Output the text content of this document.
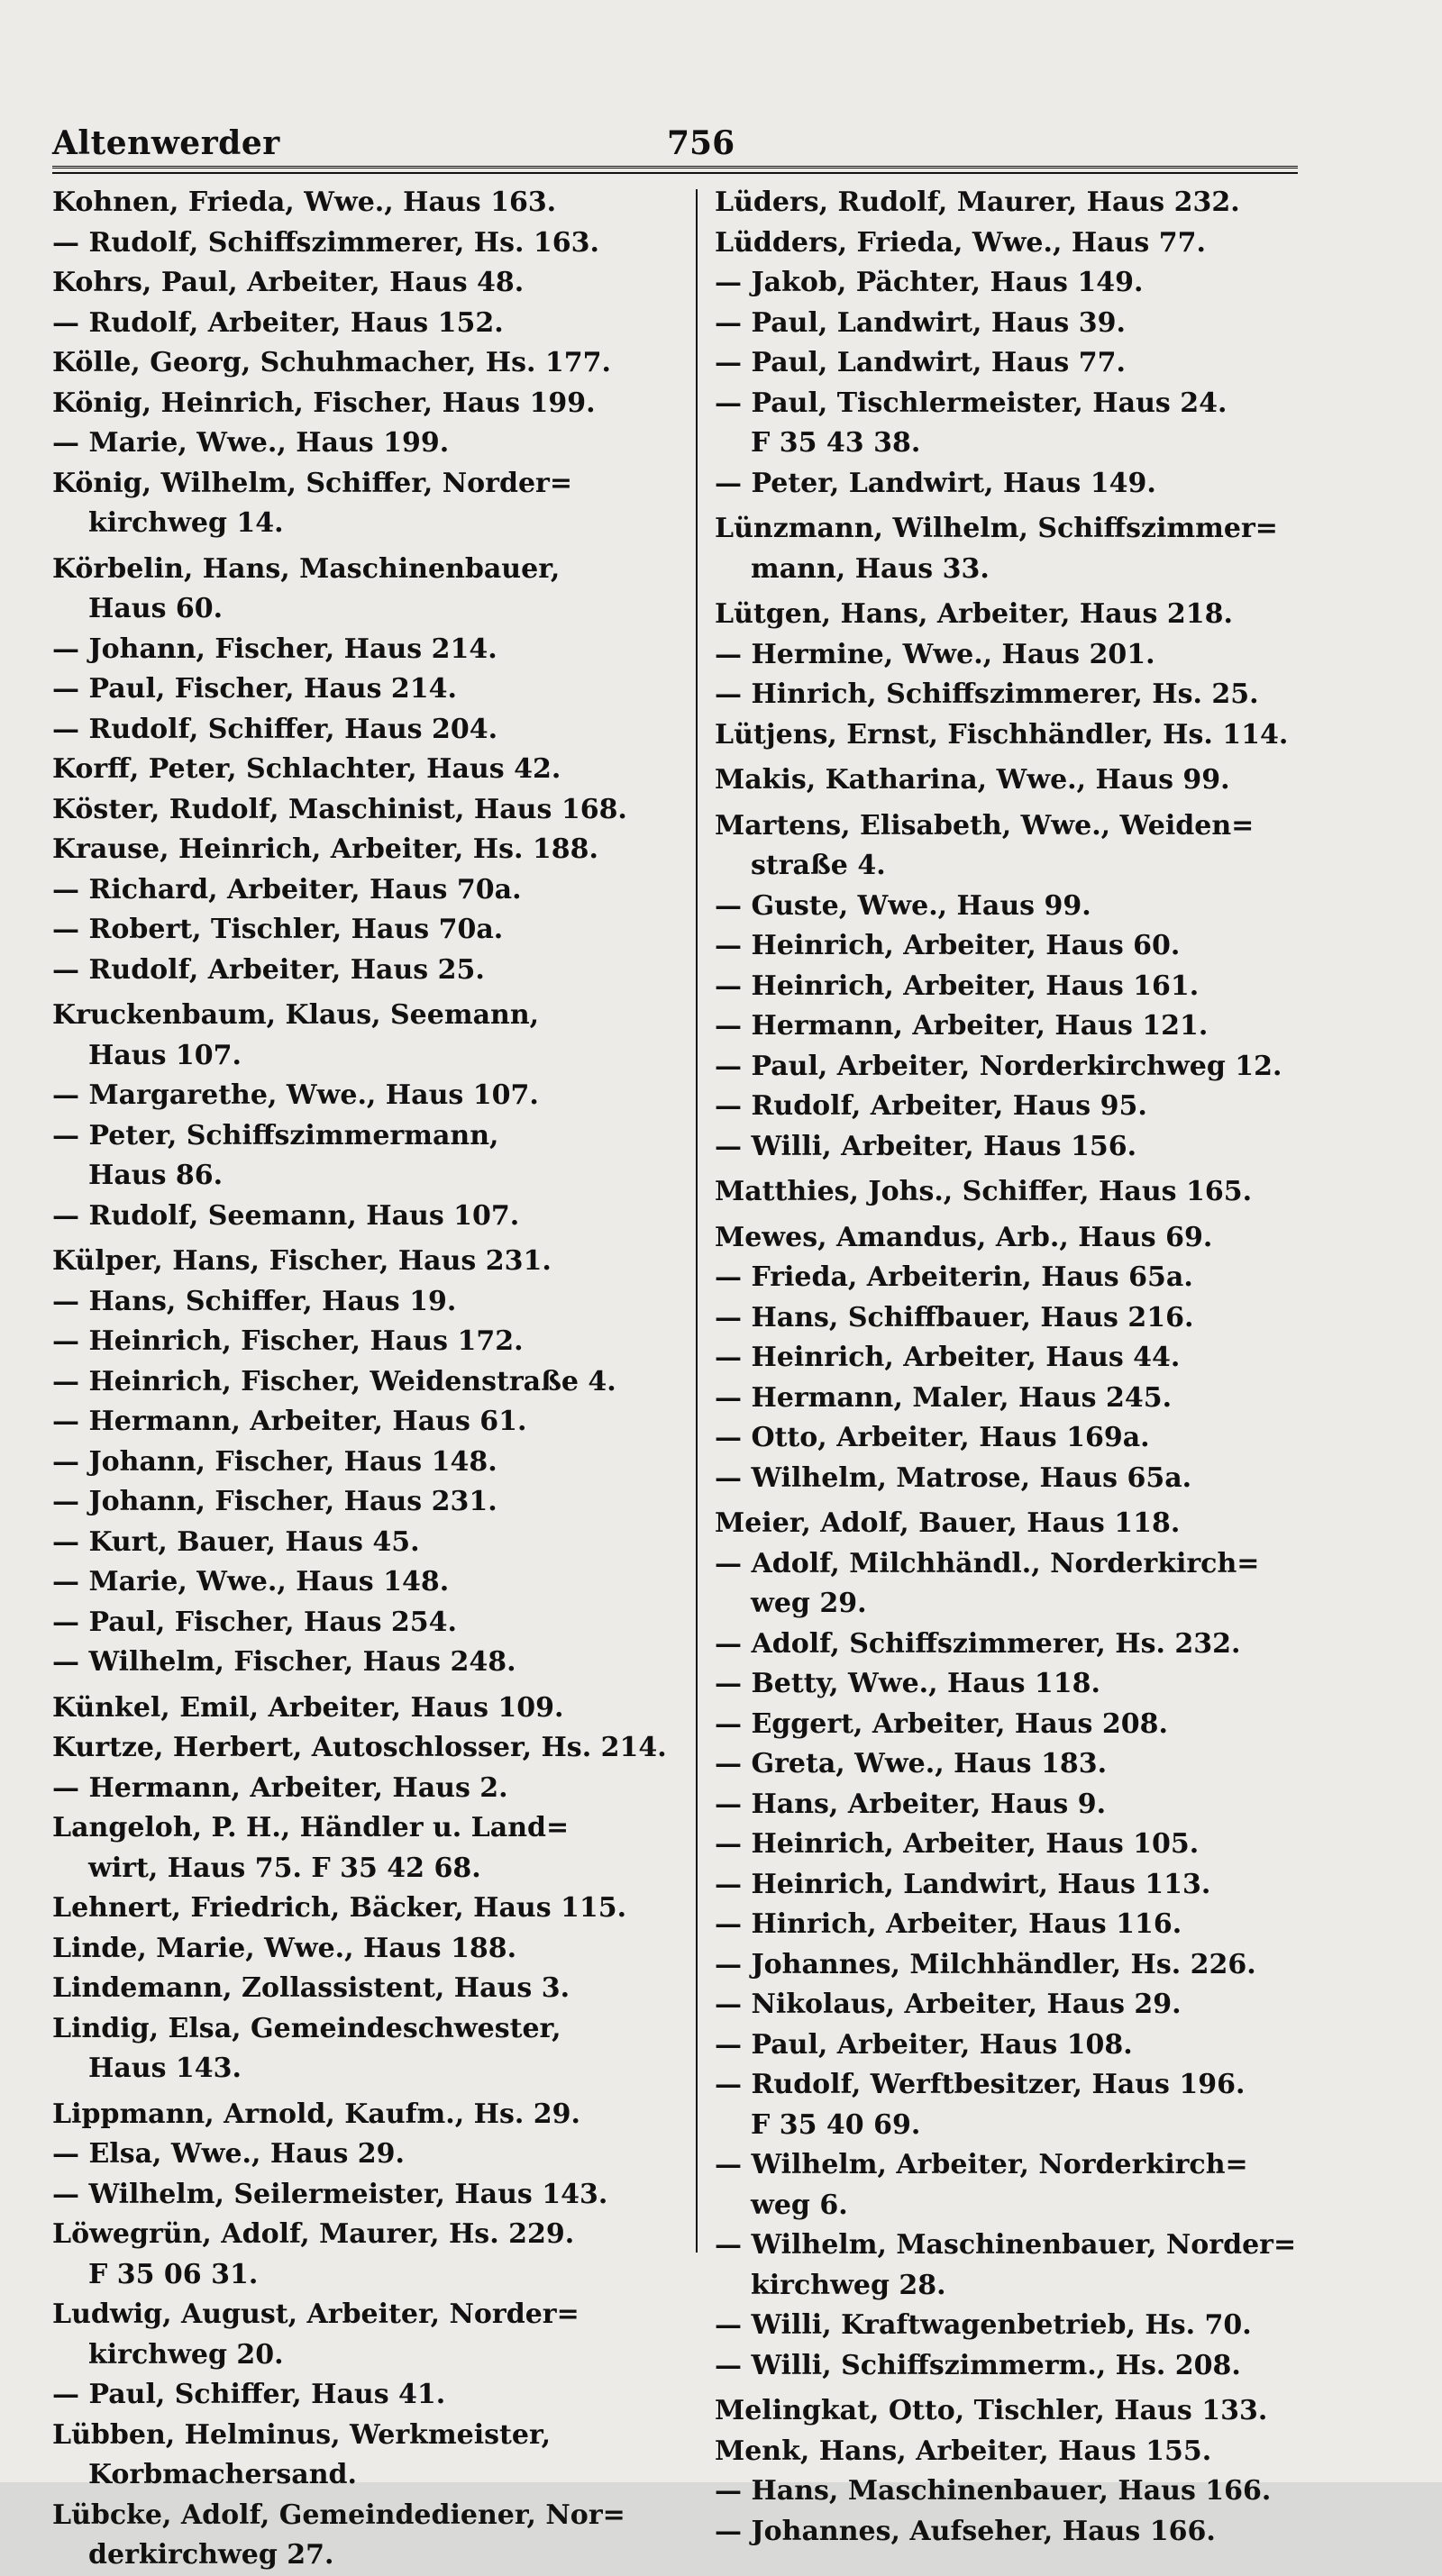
Altenwerder	756
Kohnen, Frieda, Wwe., Haus 163.
— Rudolf, Schiffszimmerer, Hs. 163.
Kohrs, Paul, Arbeiter, Haus 48.
— Rudolf, Arbeiter, Haus 152.
Kölle, Georg, Schuhmacher, Hs. 177.
König, Heinrich, Fischer, Haus 199.
— Marie, Wwe., Haus 199.
König, Wilhelm, Schiffer, Norder=
kirchweg 14.
Körbelin, Hans, Maschinenbauer,
Haus 60.
— Johann, Fischer, Haus 214.
— Paul, Fischer, Haus 214.
— Rudolf, Schiffer, Haus 204.
Korff, Peter, Schlachter, Haus 42.
Köster, Rudolf, Maschinist, Haus 168.
Krause, Heinrich, Arbeiter, Hs. 188.
— Richard, Arbeiter, Haus 70a.
— Robert, Tischler, Haus 70a.
— Rudolf, Arbeiter, Haus 25.
Kruckenbaum, Klaus, Seemann,
Haus 107.
— Margarethe, Wwe., Haus 107.
— Peter, Schiffszimmermann,
Haus 86.
— Rudolf, Seemann, Haus 107.
Külper, Hans, Fischer, Haus 231.
— Hans, Schiffer, Haus 19.
— Heinrich, Fischer, Haus 172.
— Heinrich, Fischer, Weidenstraße 4.
— Hermann, Arbeiter, Haus 61.
— Johann, Fischer, Haus 148.
— Johann, Fischer, Haus 231.
— Kurt, Bauer, Haus 45.
— Marie, Wwe., Haus 148.
— Paul, Fischer, Haus 254.
— Wilhelm, Fischer, Haus 248.
Künkel, Emil, Arbeiter, Haus 109.
Kurtze, Herbert, Autoschlosser, Hs. 214.
— Hermann, Arbeiter, Haus 2.
Langeloh, P. H., Händler u. Land=
wirt, Haus 75. F 35 42 68.
Lehnert, Friedrich, Bäcker, Haus 115.
Linde, Marie, Wwe., Haus 188.
Lindemann, Zollassistent, Haus 3.
Lindig, Elsa, Gemeindeschwester,
Haus 143.
Lippmann, Arnold, Kaufm., Hs. 29.
— Elsa, Wwe., Haus 29.
— Wilhelm, Seilermeister, Haus 143.
Löwegrün, Adolf, Maurer, Hs. 229.
F 35 06 31.
Ludwig, August, Arbeiter, Norder=
kirchweg 20.
— Paul, Schiffer, Haus 41.
Lübben, Helminus, Werkmeister,
Korbmachersand.
Lübcke, Adolf, Gemeindediener, Nor=
derkirchweg 27.
Lüders, Rudolf, Maurer, Haus 232.
Lüdders, Frieda, Wwe., Haus 77.
— Jakob, Pächter, Haus 149.
— Paul, Landwirt, Haus 39.
— Paul, Landwirt, Haus 77.
— Paul, Tischlermeister, Haus 24.
F 35 43 38.
— Peter, Landwirt, Haus 149.
Lünzmann, Wilhelm, Schiffszimmer=
mann, Haus 33.
Lütgen, Hans, Arbeiter, Haus 218.
— Hermine, Wwe., Haus 201.
— Hinrich, Schiffszimmerer, Hs. 25.
Lütjens, Ernst, Fischhändler, Hs. 114.
Makis, Katharina, Wwe., Haus 99.
Martens, Elisabeth, Wwe., Weiden=
straße 4.
— Guste, Wwe., Haus 99.
— Heinrich, Arbeiter, Haus 60.
— Heinrich, Arbeiter, Haus 161.
— Hermann, Arbeiter, Haus 121.
— Paul, Arbeiter, Norderkirchweg 12.
— Rudolf, Arbeiter, Haus 95.
— Willi, Arbeiter, Haus 156.
Matthies, Johs., Schiffer, Haus 165.
Mewes, Amandus, Arb., Haus 69.
— Frieda, Arbeiterin, Haus 65a.
— Hans, Schiffbauer, Haus 216.
— Heinrich, Arbeiter, Haus 44.
— Hermann, Maler, Haus 245.
— Otto, Arbeiter, Haus 169a.
— Wilhelm, Matrose, Haus 65a.
Meier, Adolf, Bauer, Haus 118.
— Adolf, Milchhändl., Norderkirch=
weg 29.
— Adolf, Schiffszimmerer, Hs. 232.
— Betty, Wwe., Haus 118.
— Eggert, Arbeiter, Haus 208.
— Greta, Wwe., Haus 183.
— Hans, Arbeiter, Haus 9.
— Heinrich, Arbeiter, Haus 105.
— Heinrich, Landwirt, Haus 113.
— Hinrich, Arbeiter, Haus 116.
— Johannes, Milchhändler, Hs. 226.
— Nikolaus, Arbeiter, Haus 29.
— Paul, Arbeiter, Haus 108.
— Rudolf, Werftbesitzer, Haus 196.
F 35 40 69.
— Wilhelm, Arbeiter, Norderkirch=
weg 6.
— Wilhelm, Maschinenbauer, Norder=
kirchweg 28.
— Willi, Kraftwagenbetrieb, Hs. 70.
— Willi, Schiffszimmerm., Hs. 208.
Melingkat, Otto, Tischler, Haus 133.
Menk, Hans, Arbeiter, Haus 155.
— Hans, Maschinenbauer, Haus 166.
— Johannes, Aufseher, Haus 166.
